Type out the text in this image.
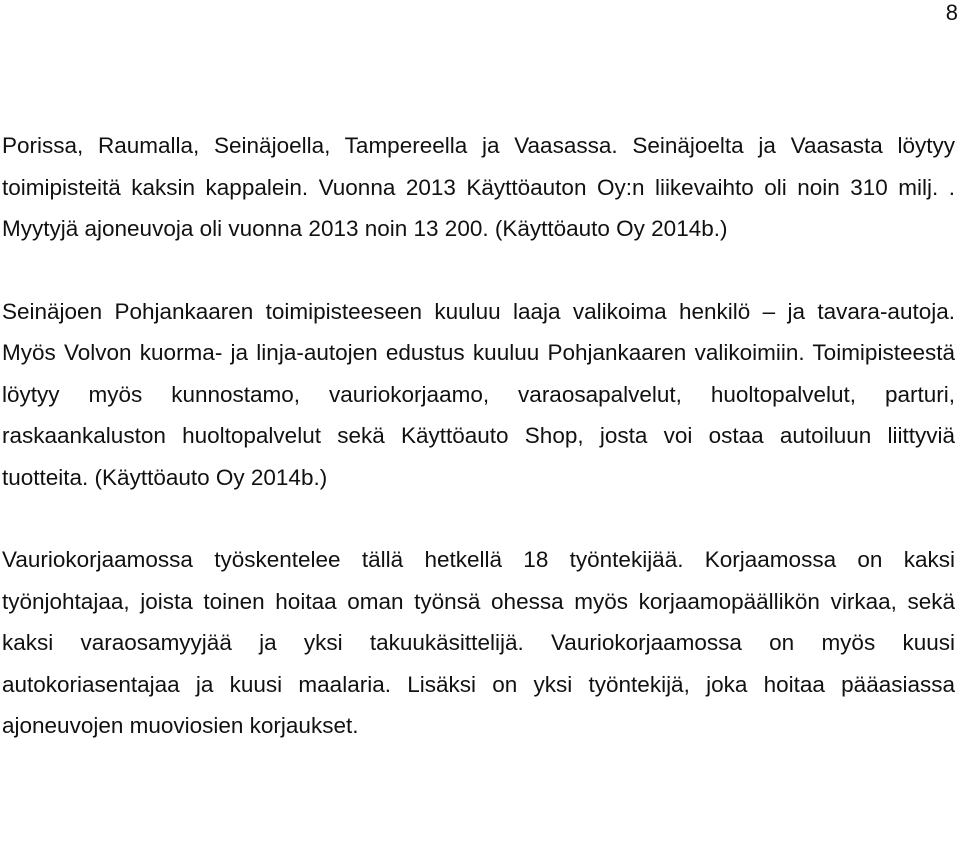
8

Porissa, Raumalla, Seinäjoella, Tampereella ja Vaasassa. Seinäjoelta ja Vaasasta löytyy toimipisteitä kaksin kappalein. Vuonna 2013 Käyttöauton Oy:n liikevaihto oli noin 310 milj. . Myytyjä ajoneuvoja oli vuonna 2013 noin 13 200. (Käyttöauto Oy 2014b.)

Seinäjoen Pohjankaaren toimipisteeseen kuuluu laaja valikoima henkilö – ja tavara-autoja. Myös Volvon kuorma- ja linja-autojen edustus kuuluu Pohjankaaren valikoimiin. Toimipisteestä löytyy myös kunnostamo, vauriokorjaamo, varaosapalvelut, huoltopalvelut, parturi, raskaankaluston huoltopalvelut sekä Käyttöauto Shop, josta voi ostaa autoiluun liittyviä tuotteita. (Käyttöauto Oy 2014b.)

Vauriokorjaamossa työskentelee tällä hetkellä 18 työntekijää. Korjaamossa on kaksi työnjohtajaa, joista toinen hoitaa oman työnsä ohessa myös korjaamopäällikön virkaa, sekä kaksi varaosamyyjää ja yksi takuukäsittelijä. Vauriokorjaamossa on myös kuusi autokoriasentajaa ja kuusi maalaria. Lisäksi on yksi työntekijä, joka hoitaa pääasiassa ajoneuvojen muoviosien korjaukset.
